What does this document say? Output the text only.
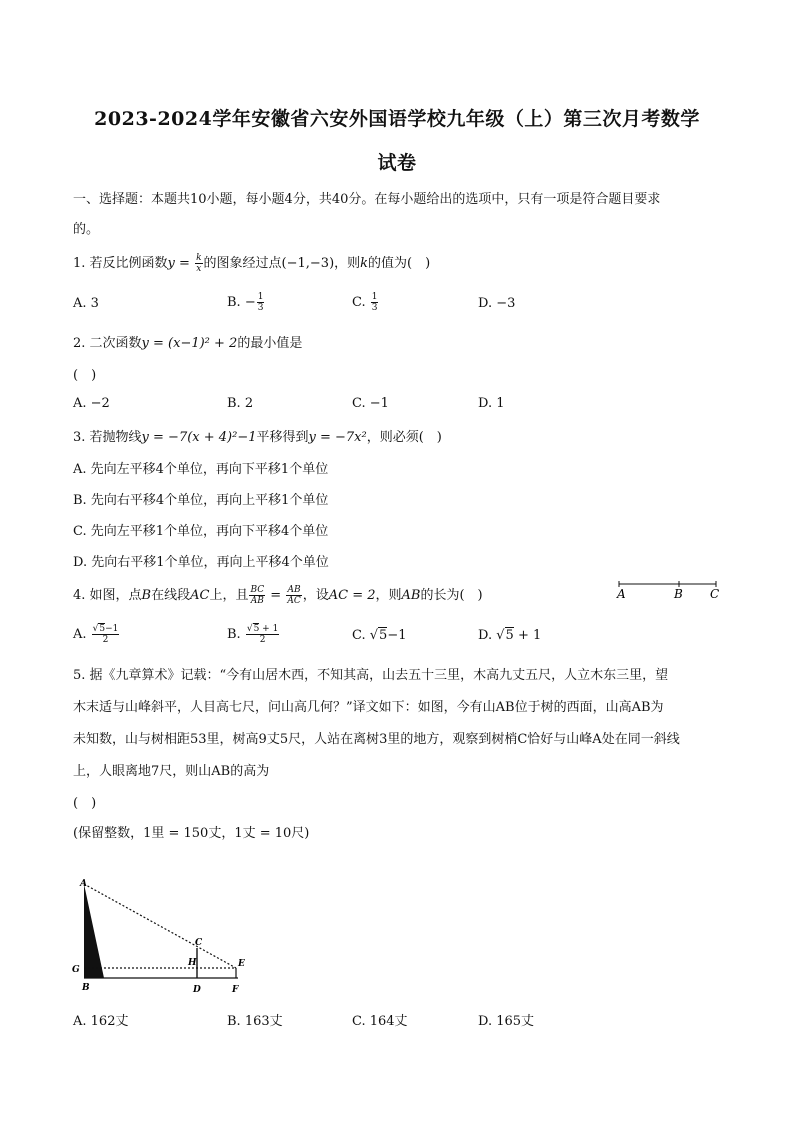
2023-2024学年安徽省六安外国语学校九年级（上）第三次月考数学
试卷
一、选择题：本题共10小题，每小题4分，共40分。在每小题给出的选项中，只有一项是符合题目要求
的。
1. 若反比例函数$y = \frac{k}{x}$ 的图象经过点(−1,−3)，则k的值为(　)
A. 3	B. − $\frac{1}{3}$	C. $\frac{1}{3}$	D. −3
2. 二次函数y = (x−1)² + 2的最小值是
(　)
A. −2	B. 2	C. −1	D. 1
3. 若抛物线y = −7(x + 4)²−1平移得到y = −7x²，则必须(　)
A. 先向左平移4个单位，再向下平移1个单位
B. 先向右平移4个单位，再向上平移1个单位
C. 先向左平移1个单位，再向下平移4个单位
D. 先向右平移1个单位，再向上平移4个单位
4. 如图，点B在线段AC上，且 $\frac{BC}{AB} = \frac{AB}{AC}$ ，设AC = 2，则AB的长为(　)	A	B C
A. $\frac{√5-1}{2}$	B. $\frac{√5 + 1}{2}$	C. √5−1	D. √5 + 1
5. 据《九章算术》记载：“今有山居木西，不知其高，山去五十三里，木高九丈五尺，人立木东三里，望
木末适与山峰斜平，人目高七尺，问山高几何？”译文如下：如图，今有山AB位于树的西面，山高AB为
未知数，山与树相距53里，树高9丈5尺，人站在离树3里的地方，观察到树梢C恰好与山峰A处在同一斜线
上，人眼离地7尺，则山AB的高为
(　)
(保留整数，1里 = 150丈，1丈 = 10尺)
A
C
G
H	E
B	D	F
A. 162丈	B. 163丈	C. 164丈	D. 165丈
